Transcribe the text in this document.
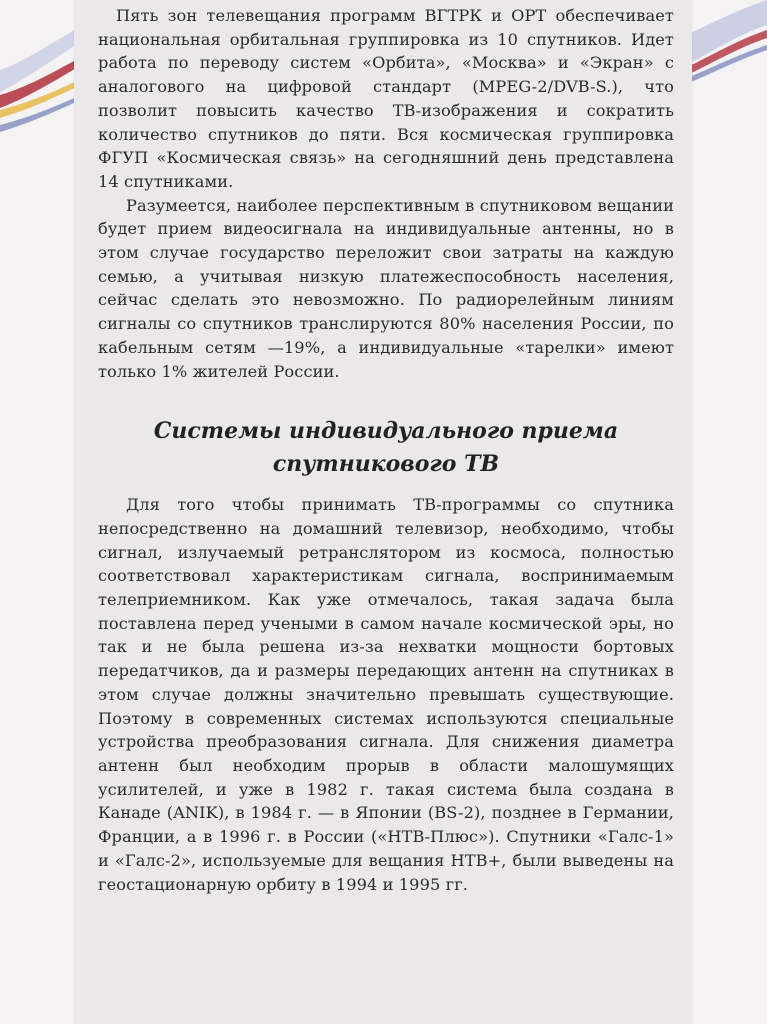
Пять зон телевещания программ ВГТРК и ОРТ обеспечивает национальная орбитальная группировка из 10 спутников. Идет работа по переводу систем «Орбита», «Москва» и «Экран» с аналогового на цифровой стандарт (MPEG-2/DVB-S.), что позволит повысить качество ТВ-изображения и сократить количество спутников до пяти. Вся космическая группировка ФГУП «Космическая связь» на сегодняшний день представлена 14 спутниками.

Разумеется, наиболее перспективным в спутниковом вещании будет прием видеосигнала на индивидуальные антенны, но в этом случае государство переложит свои затраты на каждую семью, а учитывая низкую платежеспособность населения, сейчас сделать это невозможно. По радиорелейным линиям сигналы со спутников транслируются 80% населения России, по кабельным сетям —19%, а индивидуальные «тарелки» имеют только 1% жителей России.

Системы индивидуального приема
спутникового ТВ

Для того чтобы принимать ТВ-программы со спутника непосредственно на домашний телевизор, необходимо, чтобы сигнал, излучаемый ретранслятором из космоса, полностью соответствовал характеристикам сигнала, воспринимаемым телеприемником. Как уже отмечалось, такая задача была поставлена перед учеными в самом начале космической эры, но так и не была решена из-за нехватки мощности бортовых передатчиков, да и размеры передающих антенн на спутниках в этом случае должны значительно превышать существующие. Поэтому в современных системах используются специальные устройства преобразования сигнала. Для снижения диаметра антенн был необходим прорыв в области малошумящих усилителей, и уже в 1982 г. такая система была создана в Канаде (ANIK), в 1984 г. — в Японии (BS-2), позднее в Германии, Франции, а в 1996 г. в России («НТВ-Плюс»). Спутники «Галс-1» и «Галс-2», используемые для вещания НТВ+, были выведены на геостационарную орбиту в 1994 и 1995 гг.
